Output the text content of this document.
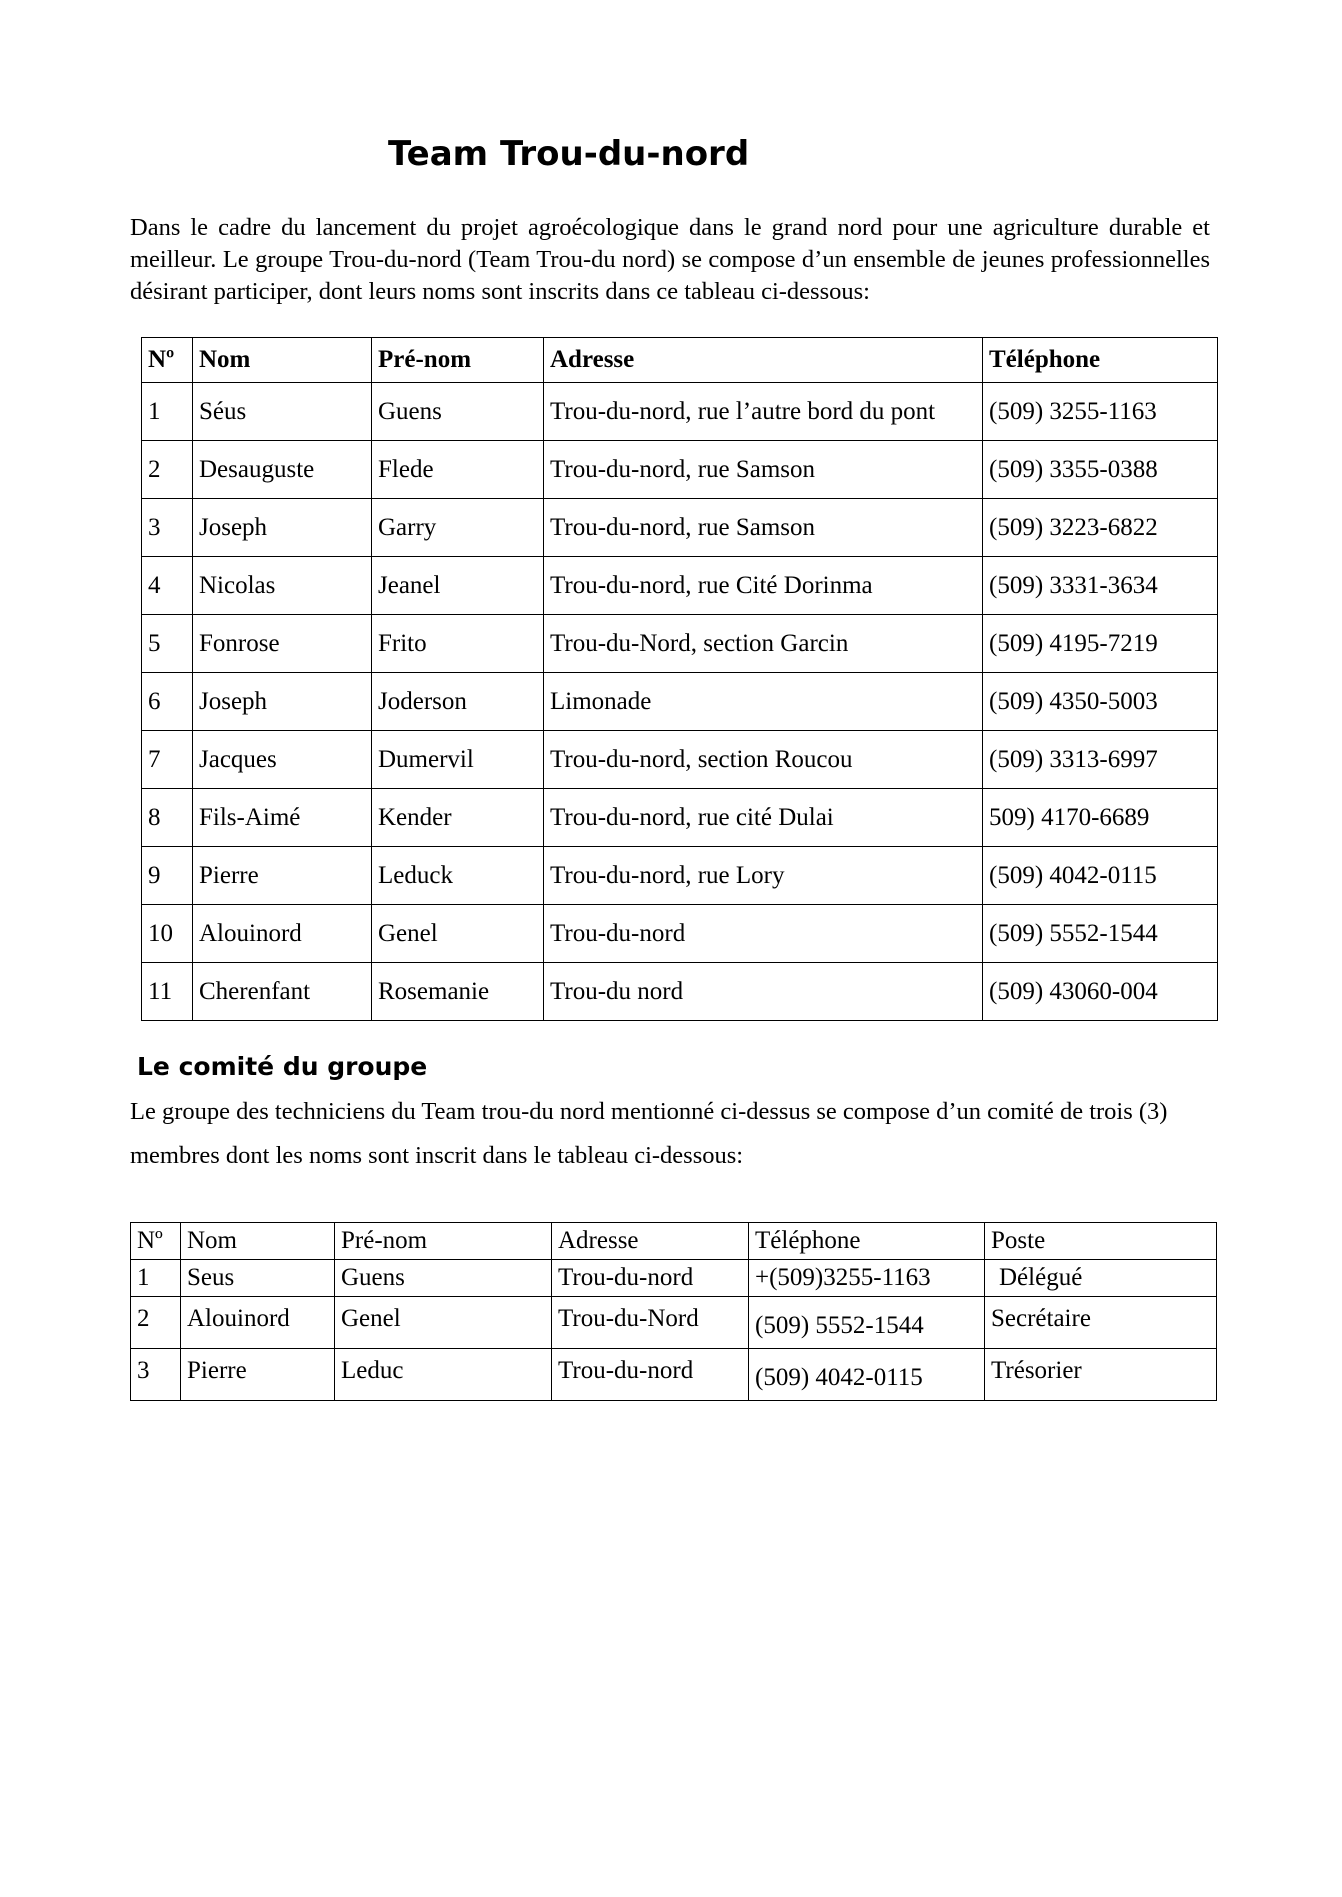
Team Trou-du-nord

Dans le cadre du lancement du projet agroécologique dans le grand nord pour une agriculture durable et meilleur. Le groupe Trou-du-nord (Team Trou-du nord) se compose d’un ensemble de jeunes professionnelles désirant participer, dont leurs noms sont inscrits dans ce tableau ci-dessous:

Nº	Nom	Pré-nom	Adresse	Téléphone
1	Séus	Guens	Trou-du-nord, rue l’autre bord du pont	(509) 3255-1163
2	Desauguste	Flede	Trou-du-nord, rue Samson	(509) 3355-0388
3	Joseph	Garry	Trou-du-nord, rue Samson	(509) 3223-6822
4	Nicolas	Jeanel	Trou-du-nord, rue Cité Dorinma	(509) 3331-3634
5	Fonrose	Frito	Trou-du-Nord, section Garcin	(509) 4195-7219
6	Joseph	Joderson	Limonade	(509) 4350-5003
7	Jacques	Dumervil	Trou-du-nord, section Roucou	(509) 3313-6997
8	Fils-Aimé	Kender	Trou-du-nord, rue cité Dulai	509) 4170-6689
9	Pierre	Leduck	Trou-du-nord, rue Lory	(509) 4042-0115
10	Alouinord	Genel	Trou-du-nord	(509) 5552-1544
11	Cherenfant	Rosemanie	Trou-du nord	(509) 43060-004
Le comité du groupe

Le groupe des techniciens du Team trou-du nord mentionné ci-dessus se compose d’un comité de trois (3) membres dont les noms sont inscrit dans le tableau ci-dessous:

Nº	Nom	Pré-nom	Adresse	Téléphone	Poste
1	Seus	Guens	Trou-du-nord	+(509)3255-1163	Délégué
2	Alouinord	Genel	Trou-du-Nord	(509) 5552-1544	Secrétaire
3	Pierre	Leduc	Trou-du-nord	(509) 4042-0115	Trésorier
